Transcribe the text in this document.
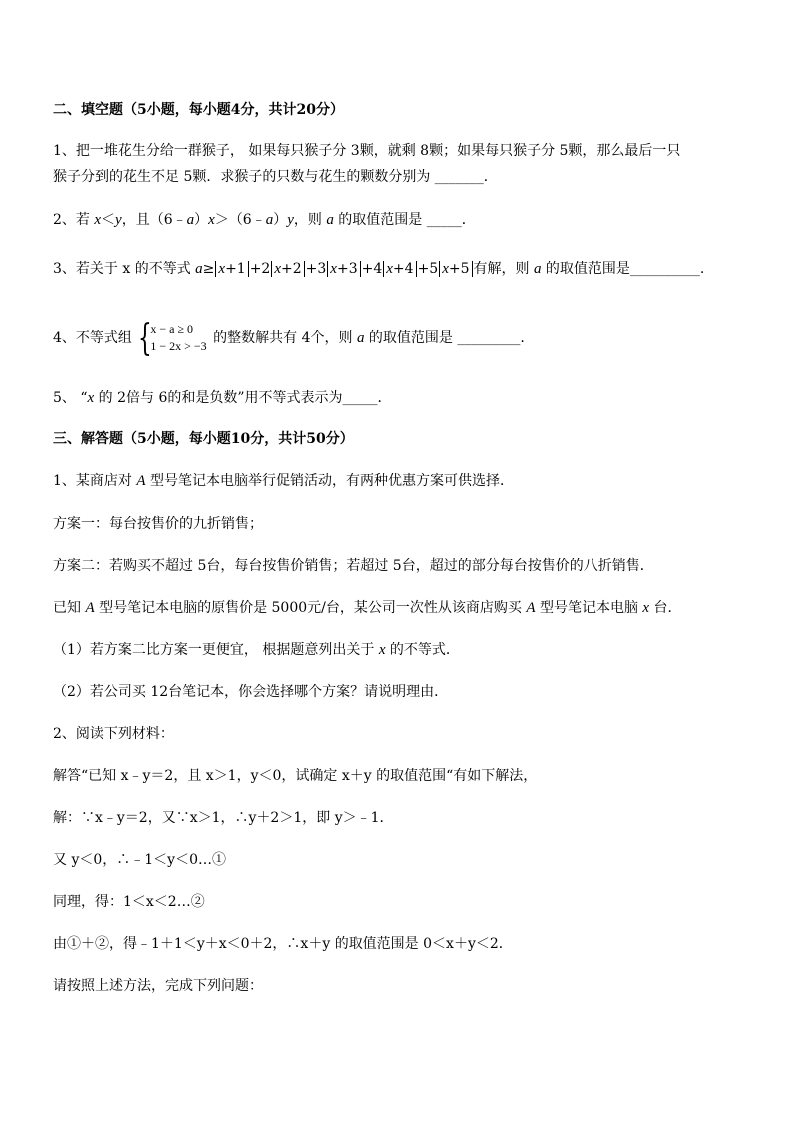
二、填空题（5小题，每小题4分，共计20分）
1、把一堆花生分给一群猴子， 如果每只猴子分 3颗，就剩 8颗；如果每只猴子分 5颗，那么最后一只
猴子分到的花生不足 5颗．求猴子的只数与花生的颗数分别为 _______．
2、若 x＜y，且（6﹣a）x＞（6﹣a）y，则 a 的取值范围是 _____．
3、若关于 x 的不等式 a≥ x+1 +2 x+2 +3 x+3 +4 x+4 +5 x+5 有解，则 a 的取值范围是__________.
4、不等式组 {
x − a ≥ 0
1 − 2x > −3 的整数解共有 4个，则 a 的取值范围是 _________.
5、 “x 的 2倍与 6的和是负数”用不等式表示为_____．
三、解答题（5小题，每小题10分，共计50分）
1、某商店对 A 型号笔记本电脑举行促销活动，有两种优惠方案可供选择．
方案一：每台按售价的九折销售；
方案二：若购买不超过 5台，每台按售价销售；若超过 5台，超过的部分每台按售价的八折销售．
已知 A 型号笔记本电脑的原售价是 5000元/台，某公司一次性从该商店购买 A 型号笔记本电脑 x 台．
（1）若方案二比方案一更便宜， 根据题意列出关于 x 的不等式．
（2）若公司买 12台笔记本，你会选择哪个方案？请说明理由．
2、阅读下列材料：
解答“已知 x﹣y＝2，且 x＞1，y＜0，试确定 x＋y 的取值范围“有如下解法，
解：∵x﹣y＝2，又∵x＞1，∴y＋2＞1，即 y＞﹣1．
又 y＜0，∴﹣1＜y＜0…①
同理，得：1＜x＜2…②
由①＋②，得﹣1＋1＜y＋x＜0＋2，∴x＋y 的取值范围是 0＜x＋y＜2．
请按照上述方法，完成下列问题：
